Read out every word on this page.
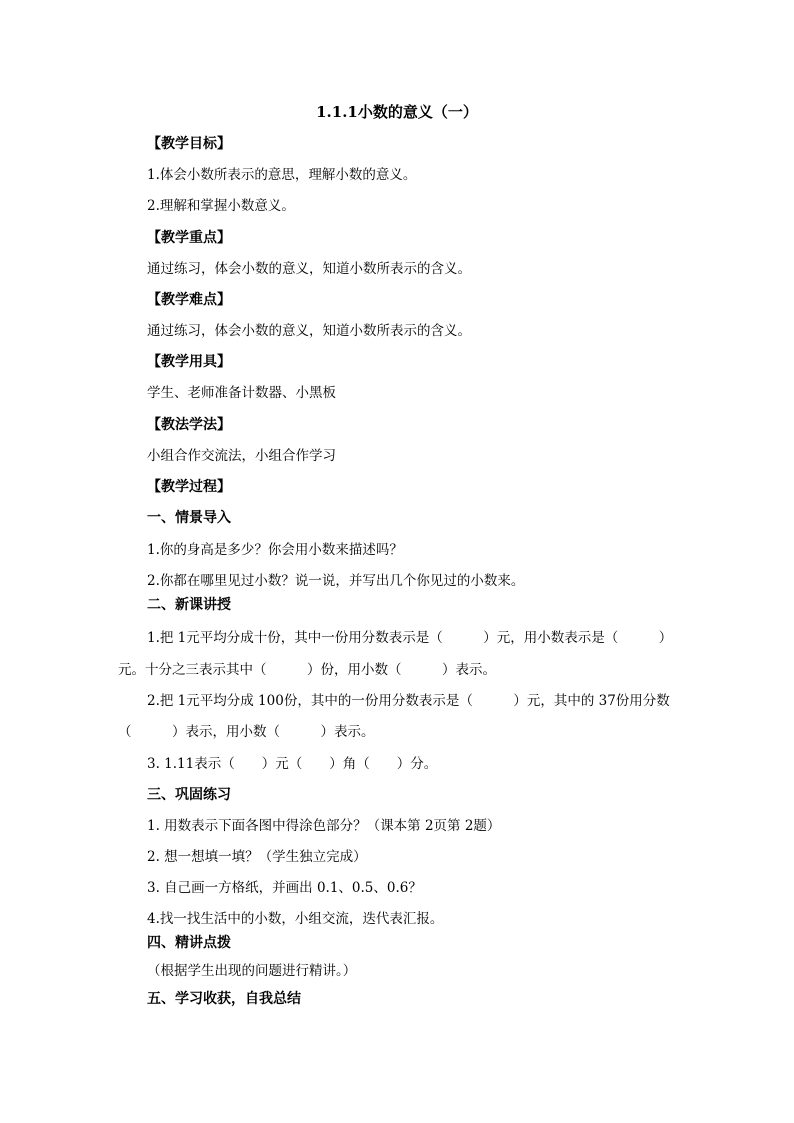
1.1.1小数的意义（一）
【教学目标】
1.体会小数所表示的意思，理解小数的意义。
2.理解和掌握小数意义。
【教学重点】
通过练习，体会小数的意义，知道小数所表示的含义。
【教学难点】
通过练习，体会小数的意义，知道小数所表示的含义。
【教学用具】
学生、老师准备计数器、小黑板
【教法学法】
小组合作交流法，小组合作学习
【教学过程】
一、情景导入
1.你的身高是多少？你会用小数来描述吗？
2.你都在哪里见过小数？说一说，并写出几个你见过的小数来。
二、新课讲授
1.把 1元平均分成十份，其中一份用分数表示是（　　　）元，用小数表示是（　　　）
元。十分之三表示其中（　　　）份，用小数（　　　）表示。
2.把 1元平均分成 100份，其中的一份用分数表示是（　　　）元，其中的 37份用分数
（　　　）表示，用小数（　　　）表示。
3. 1.11表示（　　）元（　　）角（　　）分。
三、巩固练习
1. 用数表示下面各图中得涂色部分？（课本第 2页第 2题）
2. 想一想填一填？（学生独立完成）
3. 自己画一方格纸，并画出 0.1、0.5、0.6？
4.找一找生活中的小数，小组交流，迭代表汇报。
四、精讲点拨
（根据学生出现的问题进行精讲。）
五、学习收获，自我总结
